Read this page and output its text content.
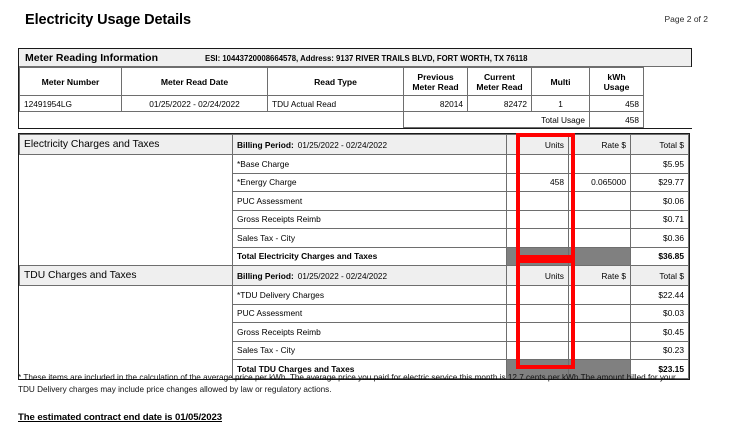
Electricity Usage Details	Page 2 of 2
Meter Reading Information	ESI: 10443720008664578, Address: 9137 RIVER TRAILS BLVD, FORT WORTH, TX 76118
Meter Number	Meter Read Date	Read Type	Previous Meter Read	Current Meter Read	Multi	kWh Usage	
12491954LG	01/25/2022 - 02/24/2022	TDU Actual Read	82014	82472	1	458	
			Total Usage			458	
Electricity Charges and Taxes	Billing Period: 01/25/2022 - 02/24/2022	Units	Rate $	Total $
	*Base Charge			$5.95
	*Energy Charge	458	0.065000	$29.77
	PUC Assessment			$0.06
	Gross Receipts Reimb			$0.71
	Sales Tax - City			$0.36
	Total Electricity Charges and Taxes			$36.85
TDU Charges and Taxes	Billing Period: 01/25/2022 - 02/24/2022	Units	Rate $	Total $
	*TDU Delivery Charges			$22.44
	PUC Assessment			$0.03
	Gross Receipts Reimb			$0.45
	Sales Tax - City			$0.23
	Total TDU Charges and Taxes			$23.15
* These items are included in the calculation of the average price per kWh. The average price you paid for electric service this month is 12.7 cents per kWh.The amount billed for your TDU Delivery charges may include price changes allowed by law or regulatory actions.
The estimated contract end date is 01/05/2023
